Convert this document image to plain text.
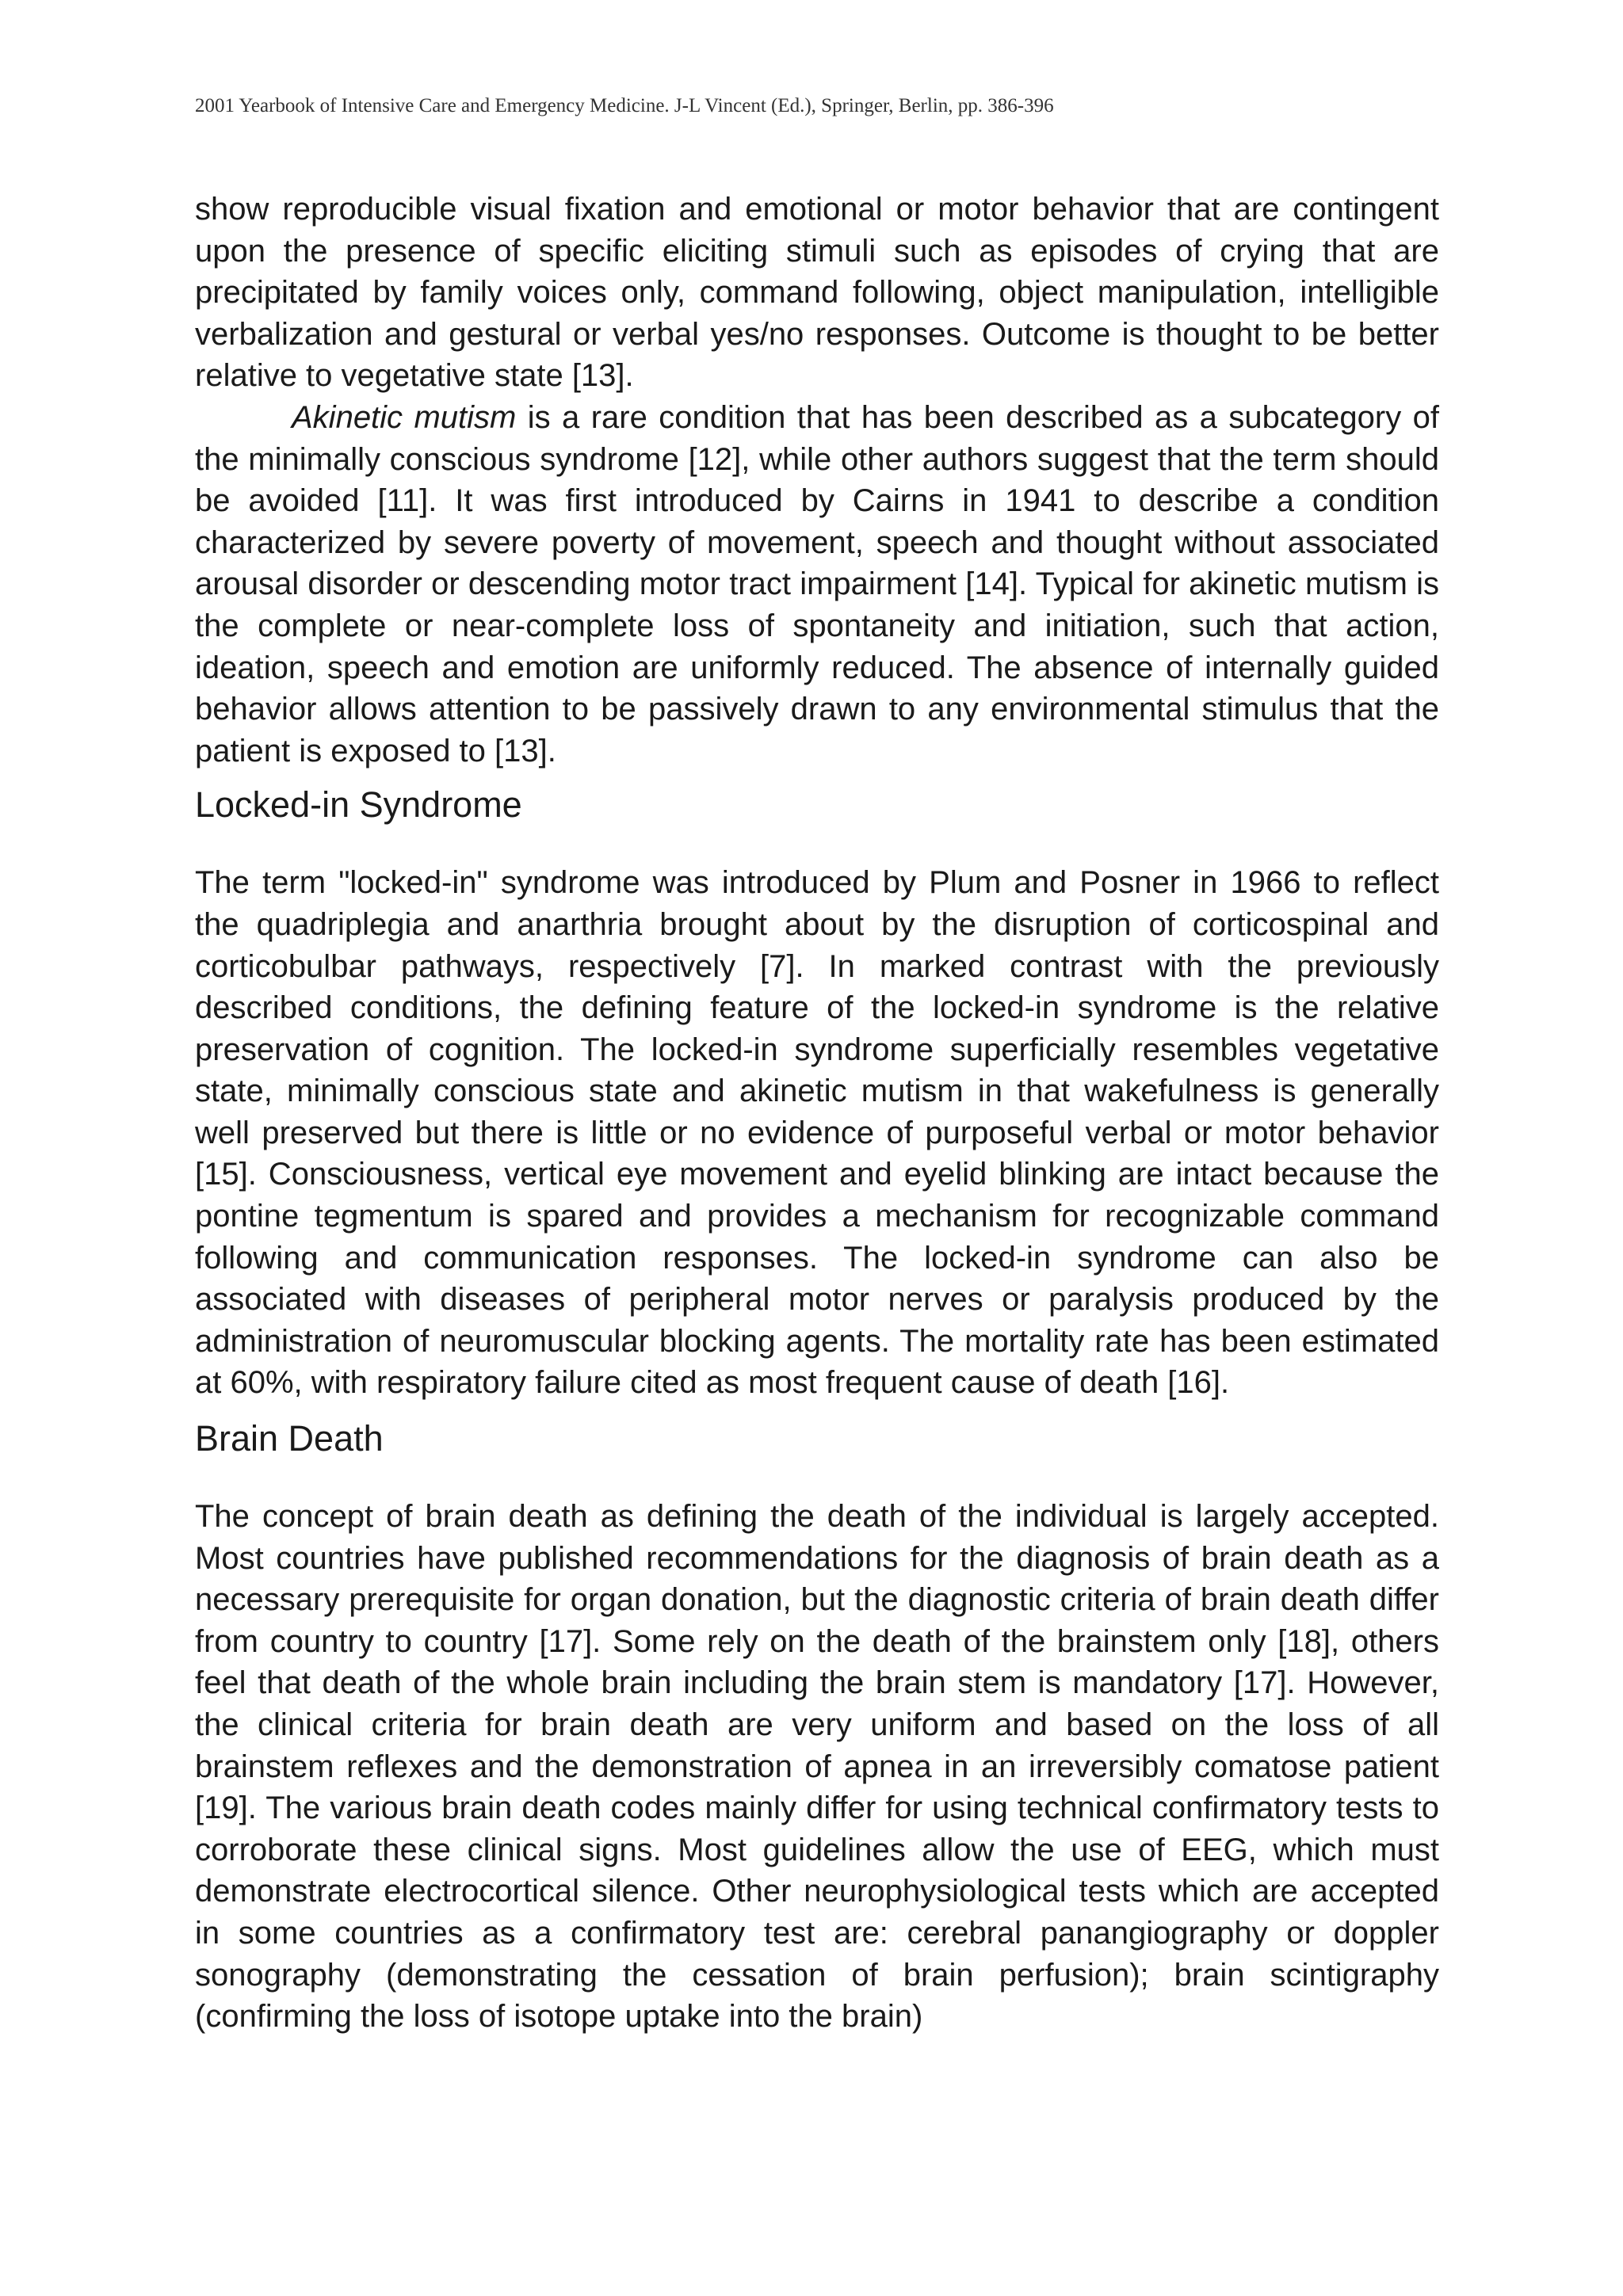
2001 Yearbook of Intensive Care and Emergency Medicine. J-L Vincent (Ed.), Springer, Berlin, pp. 386-396

show reproducible visual fixation and emotional or motor behavior that are contingent upon the presence of specific eliciting stimuli such as episodes of crying that are precipitated by family voices only, command following, object manipulation, intelligible verbalization and gestural or verbal yes/no responses. Outcome is thought to be better relative to vegetative state [13].

Akinetic mutism is a rare condition that has been described as a subcategory of the minimally conscious syndrome [12], while other authors suggest that the term should be avoided [11]. It was first introduced by Cairns in 1941 to describe a condition characterized by severe poverty of movement, speech and thought without associated arousal disorder or descending motor tract impairment [14]. Typical for akinetic mutism is the complete or near-complete loss of spontaneity and initiation, such that action, ideation, speech and emotion are uniformly reduced. The absence of internally guided behavior allows attention to be passively drawn to any environmental stimulus that the patient is exposed to [13].

Locked-in Syndrome

The term "locked-in" syndrome was introduced by Plum and Posner in 1966 to reflect the quadriplegia and anarthria brought about by the disruption of corticospinal and corticobulbar pathways, respectively [7]. In marked contrast with the previously described conditions, the defining feature of the locked-in syndrome is the relative preservation of cognition. The locked-in syndrome superficially resembles vegetative state, minimally conscious state and akinetic mutism in that wakefulness is generally well preserved but there is little or no evidence of purposeful verbal or motor behavior [15]. Consciousness, vertical eye movement and eyelid blinking are intact because the pontine tegmentum is spared and provides a mechanism for recognizable command following and communication responses. The locked-in syndrome can also be associated with diseases of peripheral motor nerves or paralysis produced by the administration of neuromuscular blocking agents. The mortality rate has been estimated at 60%, with respiratory failure cited as most frequent cause of death [16].

Brain Death

The concept of brain death as defining the death of the individual is largely accepted. Most countries have published recommendations for the diagnosis of brain death as a necessary prerequisite for organ donation, but the diagnostic criteria of brain death differ from country to country [17]. Some rely on the death of the brainstem only [18], others feel that death of the whole brain including the brain stem is mandatory [17]. However, the clinical criteria for brain death are very uniform and based on the loss of all brainstem reflexes and the demonstration of apnea in an irreversibly comatose patient [19]. The various brain death codes mainly differ for using technical confirmatory tests to corroborate these clinical signs. Most guidelines allow the use of EEG, which must demonstrate electrocortical silence. Other neurophysiological tests which are accepted in some countries as a confirmatory test are: cerebral panangiography or doppler sonography (demonstrating the cessation of brain perfusion); brain scintigraphy (confirming the loss of isotope uptake into the brain)
